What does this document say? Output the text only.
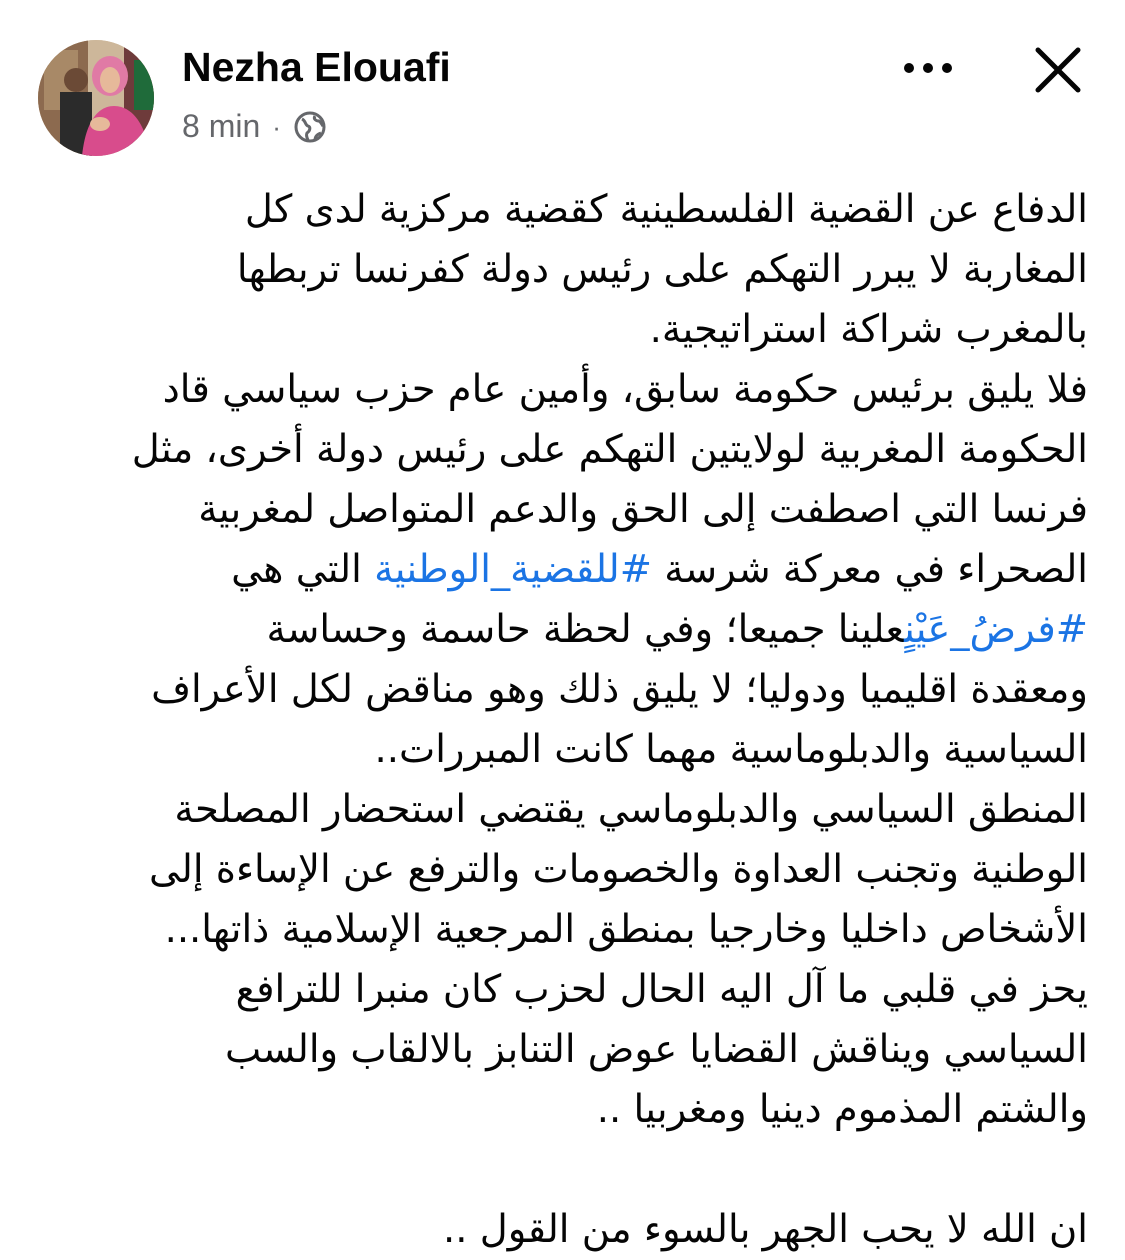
Nezha Elouafi
8 min ·
الدفاع عن القضية الفلسطينية كقضية مركزية لدى كل
المغاربة لا يبرر التهكم على رئيس دولة كفرنسا تربطها
بالمغرب شراكة استراتيجية.
فلا يليق برئيس حكومة سابق، وأمين عام حزب سياسي قاد
الحكومة المغربية لولايتين التهكم على رئيس دولة أخرى، مثل
فرنسا التي اصطفت إلى الحق والدعم المتواصل لمغربية
الصحراء في معركة شرسة #للقضية_الوطنية التي هي
#فرضُ_عَيْنٍعلينا جميعا؛ وفي لحظة حاسمة وحساسة
ومعقدة اقليميا ودوليا؛ لا يليق ذلك وهو مناقض لكل الأعراف
السياسية والدبلوماسية مهما كانت المبررات..
المنطق السياسي والدبلوماسي يقتضي استحضار المصلحة
الوطنية وتجنب العداوة والخصومات والترفع عن الإساءة إلى
الأشخاص داخليا وخارجيا بمنطق المرجعية الإسلامية ذاتها...
يحز في قلبي ما آل اليه الحال لحزب كان منبرا للترافع
السياسي ويناقش القضايا عوض التنابز بالالقاب والسب
والشتم المذموم دينيا ومغربيا ..
ان الله لا يحب الجهر بالسوء من القول ..
